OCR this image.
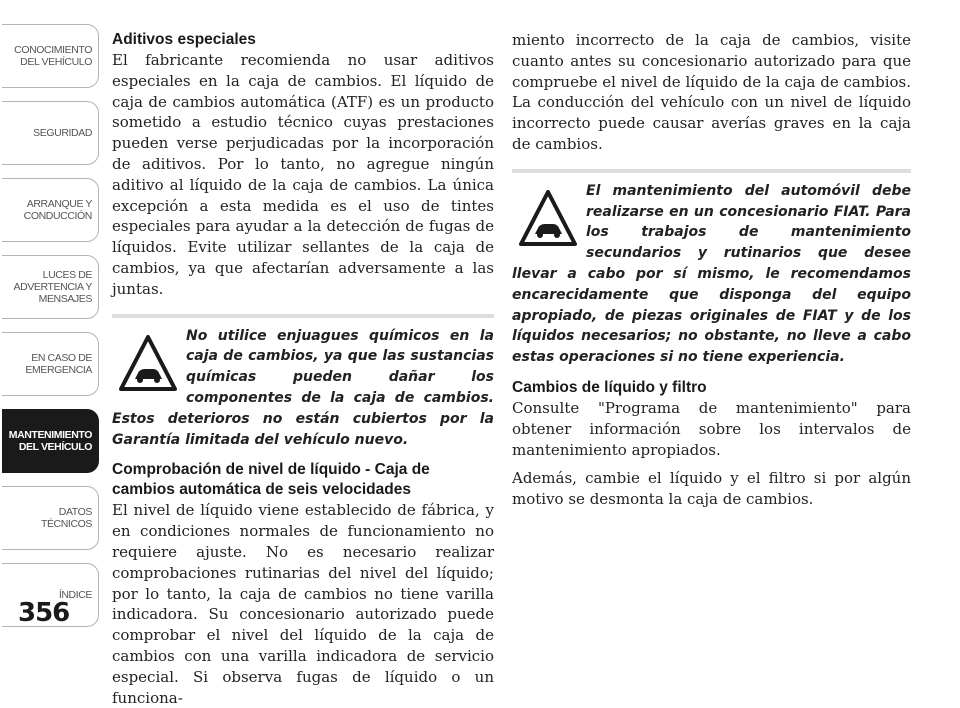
CONOCIMIENTO
DEL VEHÍCULO
SEGURIDAD
ARRANQUE Y
CONDUCCIÓN
LUCES DE
ADVERTENCIA Y
MENSAJES
EN CASO DE
EMERGENCIA
MANTENIMIENTO
DEL VEHÍCULO
DATOS
TÉCNICOS
ÍNDICE
356
Aditivos especiales

El fabricante recomienda no usar aditivos especiales en la caja de cambios. El líquido de caja de cambios automática (ATF) es un producto sometido a estudio técnico cuyas prestaciones pueden verse perjudicadas por la incorporación de aditivos. Por lo tanto, no agregue ningún aditivo al líquido de la caja de cambios. La única excepción a esta medida es el uso de tintes especiales para ayudar a la detección de fugas de líquidos. Evite utilizar sellantes de la caja de cambios, ya que afectarían adversamente a las juntas.

No utilice enjuagues químicos en la caja de cambios, ya que las sustancias químicas pueden dañar los componentes de la caja de cambios. Estos deterioros no están cubiertos por la Garantía limitada del vehículo nuevo.
Comprobación de nivel de líquido - Caja de cambios automática de seis velocidades

El nivel de líquido viene establecido de fábrica, y en condiciones normales de funcionamiento no requiere ajuste. No es necesario realizar comprobaciones rutinarias del nivel del líquido; por lo tanto, la caja de cambios no tiene varilla indicadora. Su concesionario autorizado puede comprobar el nivel del líquido de la caja de cambios con una varilla indicadora de servicio especial. Si observa fugas de líquido o un funciona-

miento incorrecto de la caja de cambios, visite cuanto antes su concesionario autorizado para que compruebe el nivel de líquido de la caja de cambios. La conducción del vehículo con un nivel de líquido incorrecto puede causar averías graves en la caja de cambios.

El mantenimiento del automóvil debe realizarse en un concesionario FIAT. Para los trabajos de mantenimiento secundarios y rutinarios que desee llevar a cabo por sí mismo, le recomendamos encarecidamente que disponga del equipo apropiado, de piezas originales de FIAT y de los líquidos necesarios; no obstante, no lleve a cabo estas operaciones si no tiene experiencia.
Cambios de líquido y filtro

Consulte "Programa de mantenimiento" para obtener información sobre los intervalos de mantenimiento apropiados.

Además, cambie el líquido y el filtro si por algún motivo se desmonta la caja de cambios.
